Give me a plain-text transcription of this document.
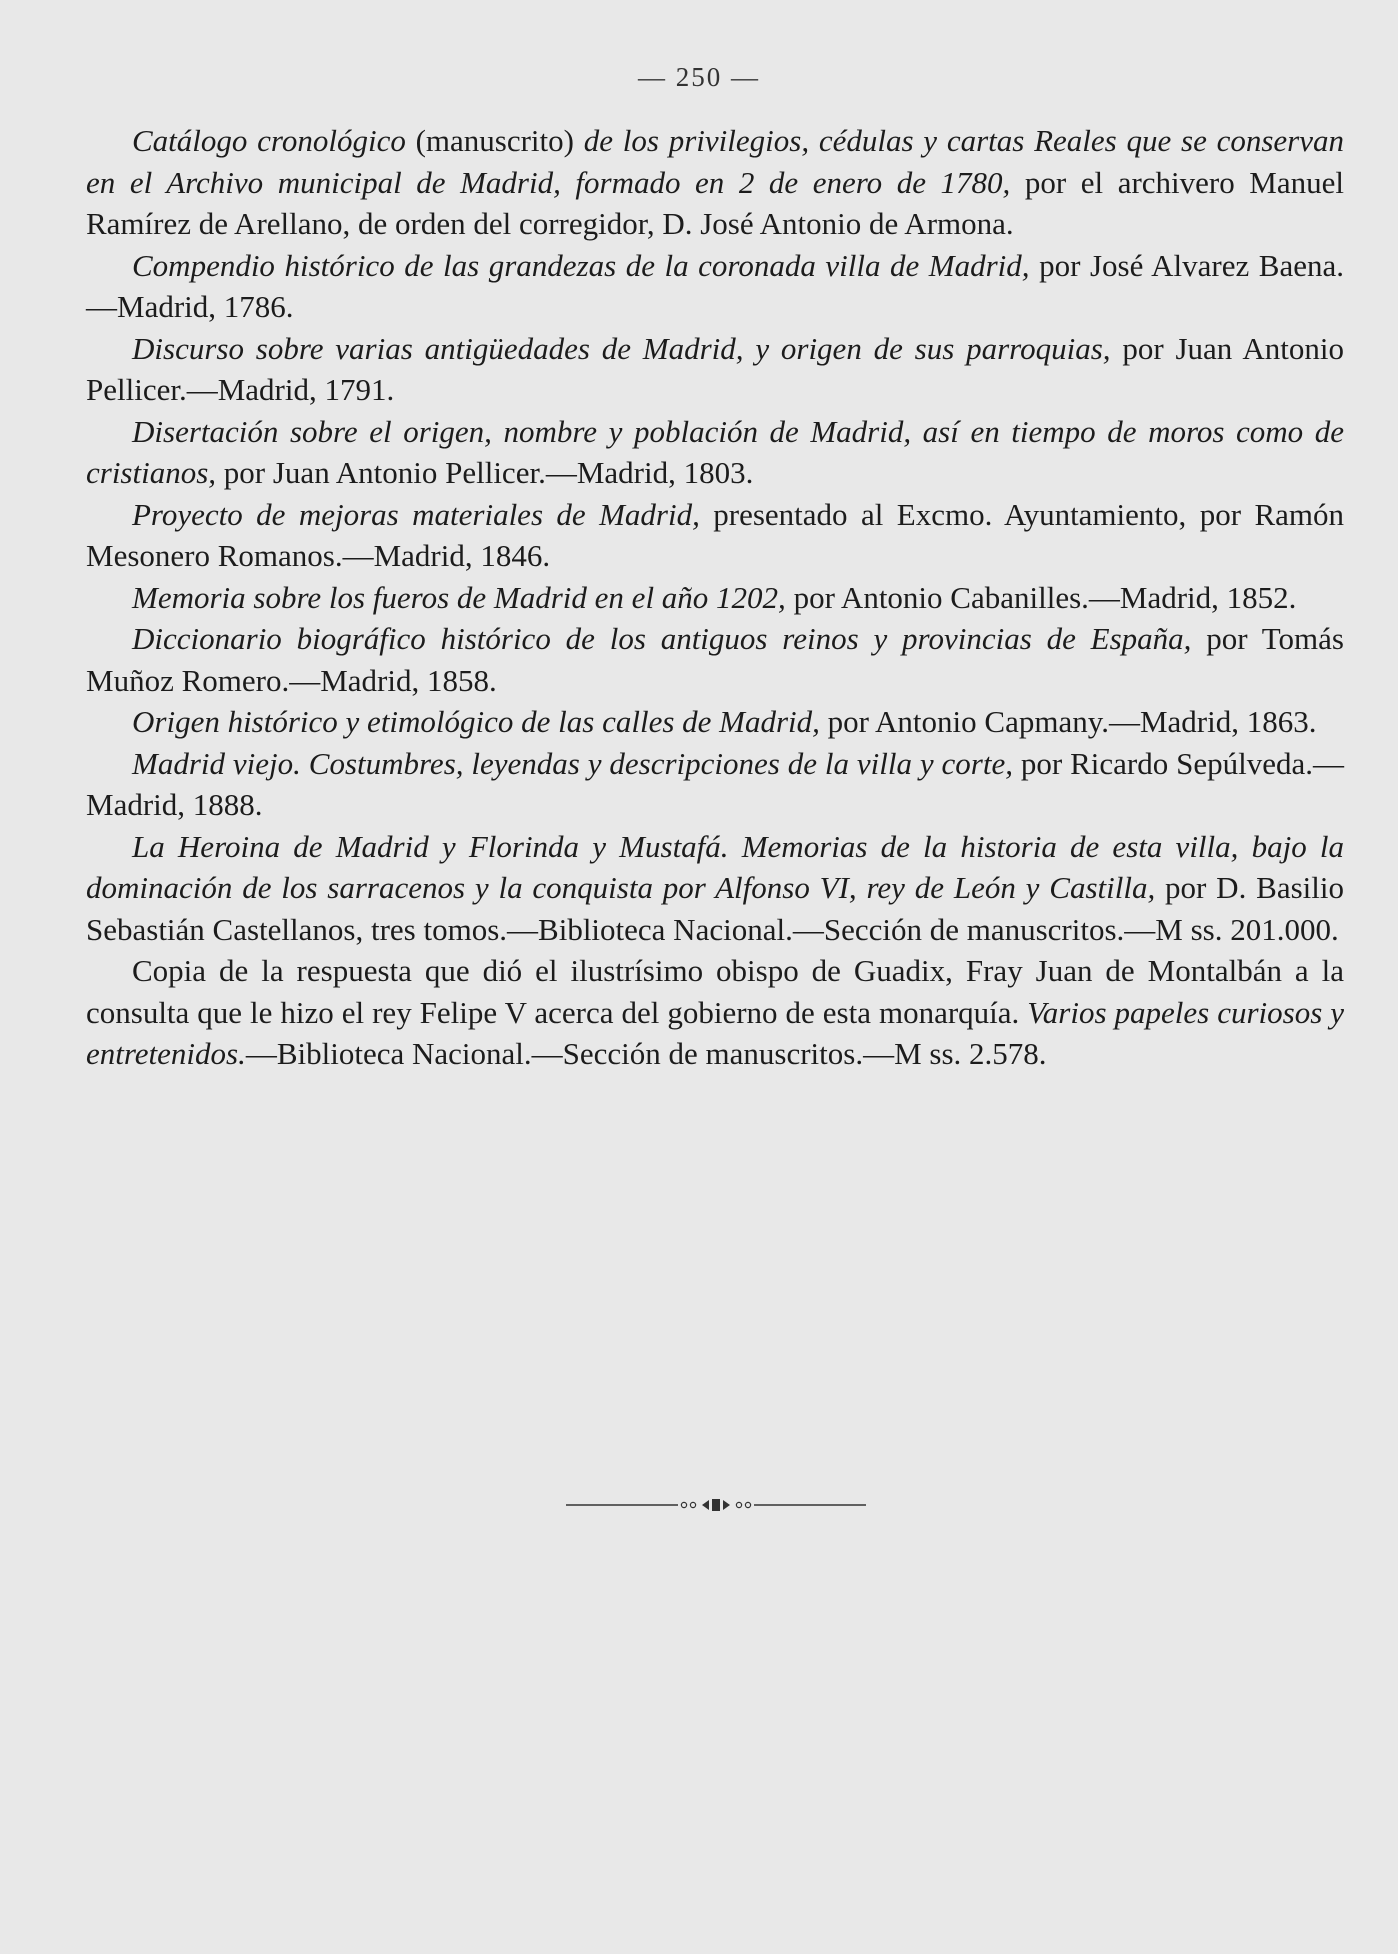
— 250 —

Catálogo cronológico (manuscrito) de los privilegios, cédulas y cartas Reales que se conservan en el Archivo municipal de Madrid, formado en 2 de enero de 1780, por el archivero Manuel Ramírez de Arellano, de orden del corregidor, D. José Antonio de Armona.

Compendio histórico de las grandezas de la coronada villa de Madrid, por José Alvarez Baena.—Madrid, 1786.

Discurso sobre varias antigüedades de Madrid, y origen de sus parroquias, por Juan Antonio Pellicer.—Madrid, 1791.

Disertación sobre el origen, nombre y población de Madrid, así en tiempo de moros como de cristianos, por Juan Antonio Pellicer.—Madrid, 1803.

Proyecto de mejoras materiales de Madrid, presentado al Excmo. Ayuntamiento, por Ramón Mesonero Romanos.—Madrid, 1846.

Memoria sobre los fueros de Madrid en el año 1202, por Antonio Cabanilles.—Madrid, 1852.

Diccionario biográfico histórico de los antiguos reinos y provincias de España, por Tomás Muñoz Romero.—Madrid, 1858.

Origen histórico y etimológico de las calles de Madrid, por Antonio Capmany.—Madrid, 1863.

Madrid viejo. Costumbres, leyendas y descripciones de la villa y corte, por Ricardo Sepúlveda.—Madrid, 1888.

La Heroina de Madrid y Florinda y Mustafá. Memorias de la historia de esta villa, bajo la dominación de los sarracenos y la conquista por Alfonso VI, rey de León y Castilla, por D. Basilio Sebastián Castellanos, tres tomos.—Biblioteca Nacional.—Sección de manuscritos.—M ss. 201.000.

Copia de la respuesta que dió el ilustrísimo obispo de Guadix, Fray Juan de Montalbán a la consulta que le hizo el rey Felipe V acerca del gobierno de esta monarquía. Varios papeles curiosos y entretenidos.—Biblioteca Nacional.—Sección de manuscritos.—M ss. 2.578.
